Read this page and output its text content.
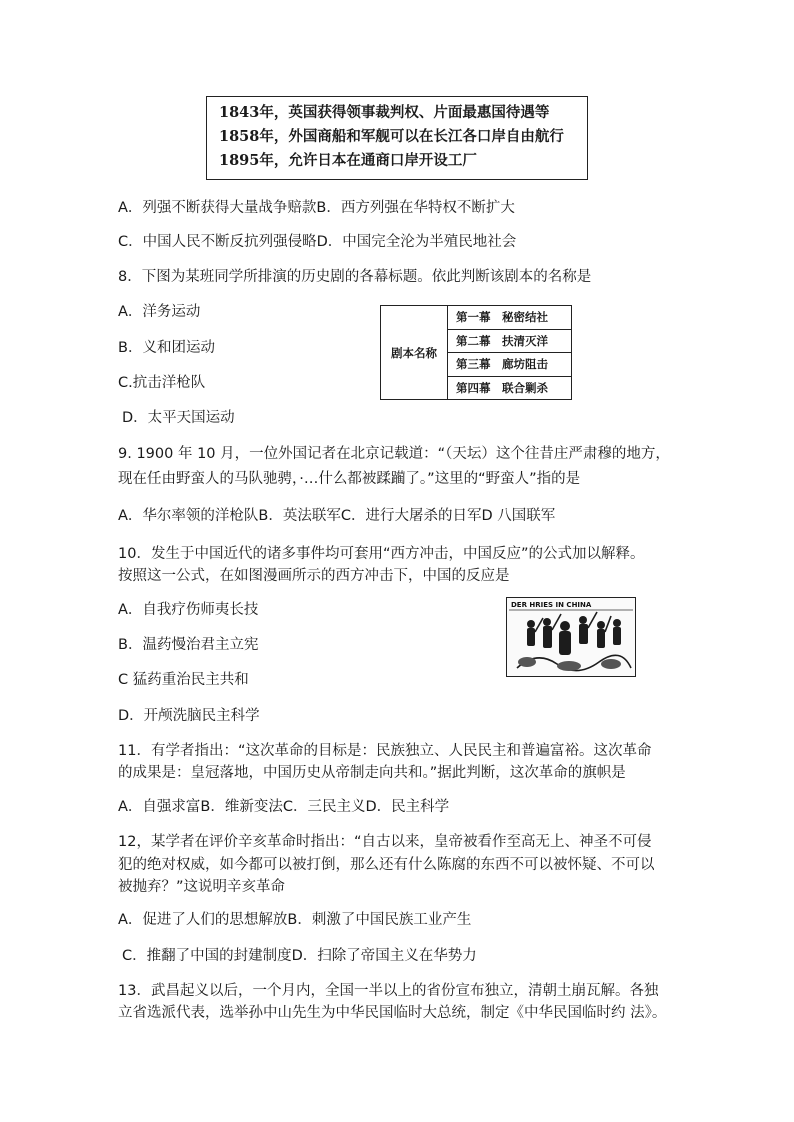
1843年，英国获得领事裁判权、片面最惠国待遇等
1858年，外国商船和军舰可以在长江各口岸自由航行
1895年，允许日本在通商口岸开设工厂
A．列强不断获得大量战争赔款B．西方列强在华特权不断扩大
C．中国人民不断反抗列强侵略D．中国完全沦为半殖民地社会
8．下图为某班同学所排演的历史剧的各幕标题。依此判断该剧本的名称是
A．洋务运动
B．义和团运动
C.抗击洋枪队
D．太平天国运动
剧本名称
第一幕　秘密结社
第二幕　扶清灭洋
第三幕　廊坊阻击
第四幕　联合剿杀
9. 1900 年 10 月，一位外国记者在北京记载道：“（天坛）这个往昔庄严肃穆的地方，
现在任由野蛮人的马队驰骋，·…什么都被蹂躏了。”这里的“野蛮人”指的是
A．华尔率领的洋枪队B．英法联军C．进行大屠杀的日军D 八国联军
10．发生于中国近代的诸多事件均可套用“西方冲击，中国反应”的公式加以解释。
按照这一公式，在如图漫画所示的西方冲击下，中国的反应是
A．自我疗伤师夷长技
B．温药慢治君主立宪
C 猛药重治民主共和
D．开颅洗脑民主科学
DER HRIES IN CHINA
11．有学者指出：“这次革命的目标是：民族独立、人民民主和普遍富裕。这次革命
的成果是：皇冠落地，中国历史从帝制走向共和。”据此判断，这次革命的旗帜是
A．自强求富B．维新变法C．三民主义D．民主科学
12，某学者在评价辛亥革命时指出：“自古以来，皇帝被看作至高无上、神圣不可侵
犯的绝对权威，如今都可以被打倒，那么还有什么陈腐的东西不可以被怀疑、不可以
被抛弃？”这说明辛亥革命
A．促进了人们的思想解放B．刺激了中国民族工业产生
C．推翻了中国的封建制度D．扫除了帝国主义在华势力
13．武昌起义以后，一个月内，全国一半以上的省份宣布独立，清朝土崩瓦解。各独
立省选派代表，选举孙中山先生为中华民国临时大总统，制定《中华民国临时约 法》。
